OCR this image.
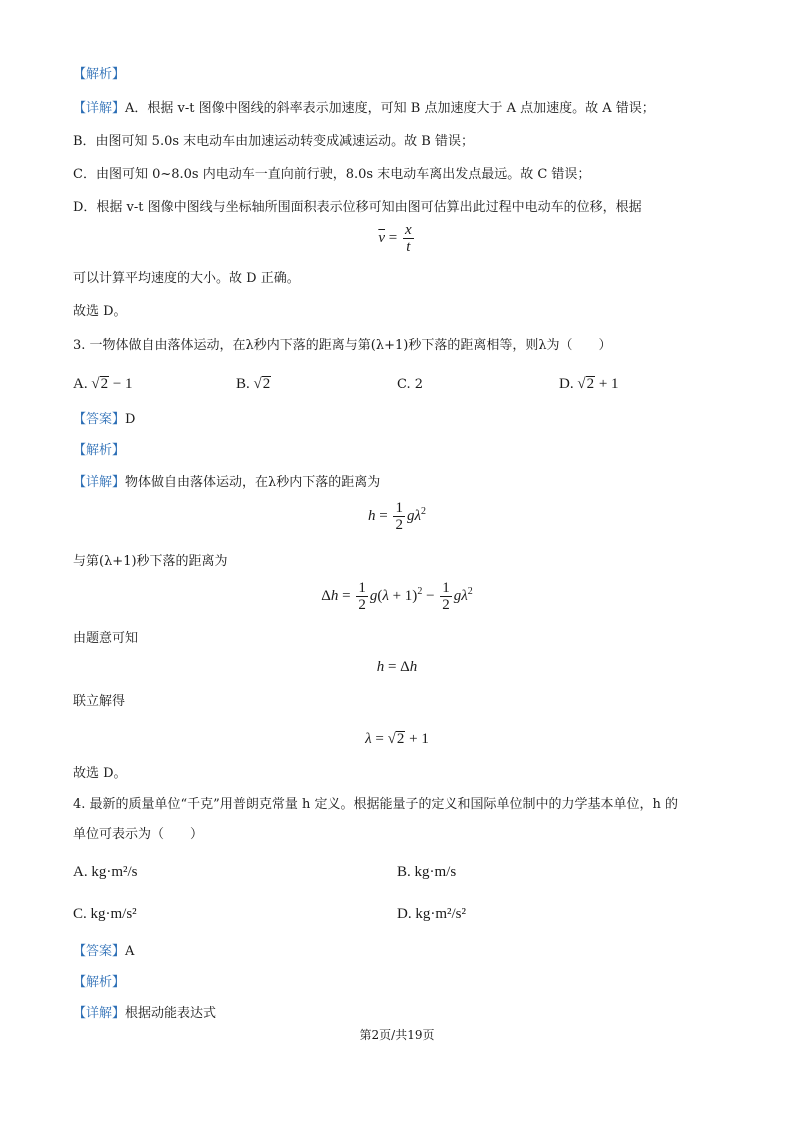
【解析】
【详解】A．根据 v-t 图像中图线的斜率表示加速度，可知 B 点加速度大于 A 点加速度。故 A 错误；
B．由图可知 5.0s 末电动车由加速运动转变成减速运动。故 B 错误；
C．由图可知 0~8.0s 内电动车一直向前行驶，8.0s 末电动车离出发点最远。故 C 错误；
D．根据 v-t 图像中图线与坐标轴所围面积表示位移可知由图可估算出此过程中电动车的位移，根据
$\overline{v} = \frac{x}{t}$
可以计算平均速度的大小。故 D 正确。
故选 D。
3. 一物体做自由落体运动，在λ秒内下落的距离与第(λ+1)秒下落的距离相等，则λ为（　　）
A. √2 − 1	B. √2	C. 2	D. √2 + 1
【答案】D
【解析】
【详解】物体做自由落体运动，在λ秒内下落的距离为
$h = \frac{1}{2} g\lambda^2$
与第(λ+1)秒下落的距离为
$\Delta h = \frac{1}{2} g(\lambda + 1)^2 - \frac{1}{2} g\lambda^2$
由题意可知
h = Δh
联立解得
λ = √2 + 1
故选 D。
4. 最新的质量单位“千克”用普朗克常量 h 定义。根据能量子的定义和国际单位制中的力学基本单位，h 的
单位可表示为（　　）
A. kg·m²/s	B. kg·m/s
C. kg·m/s²	D. kg·m²/s²
【答案】A
【解析】
【详解】根据动能表达式
第2页/共19页
